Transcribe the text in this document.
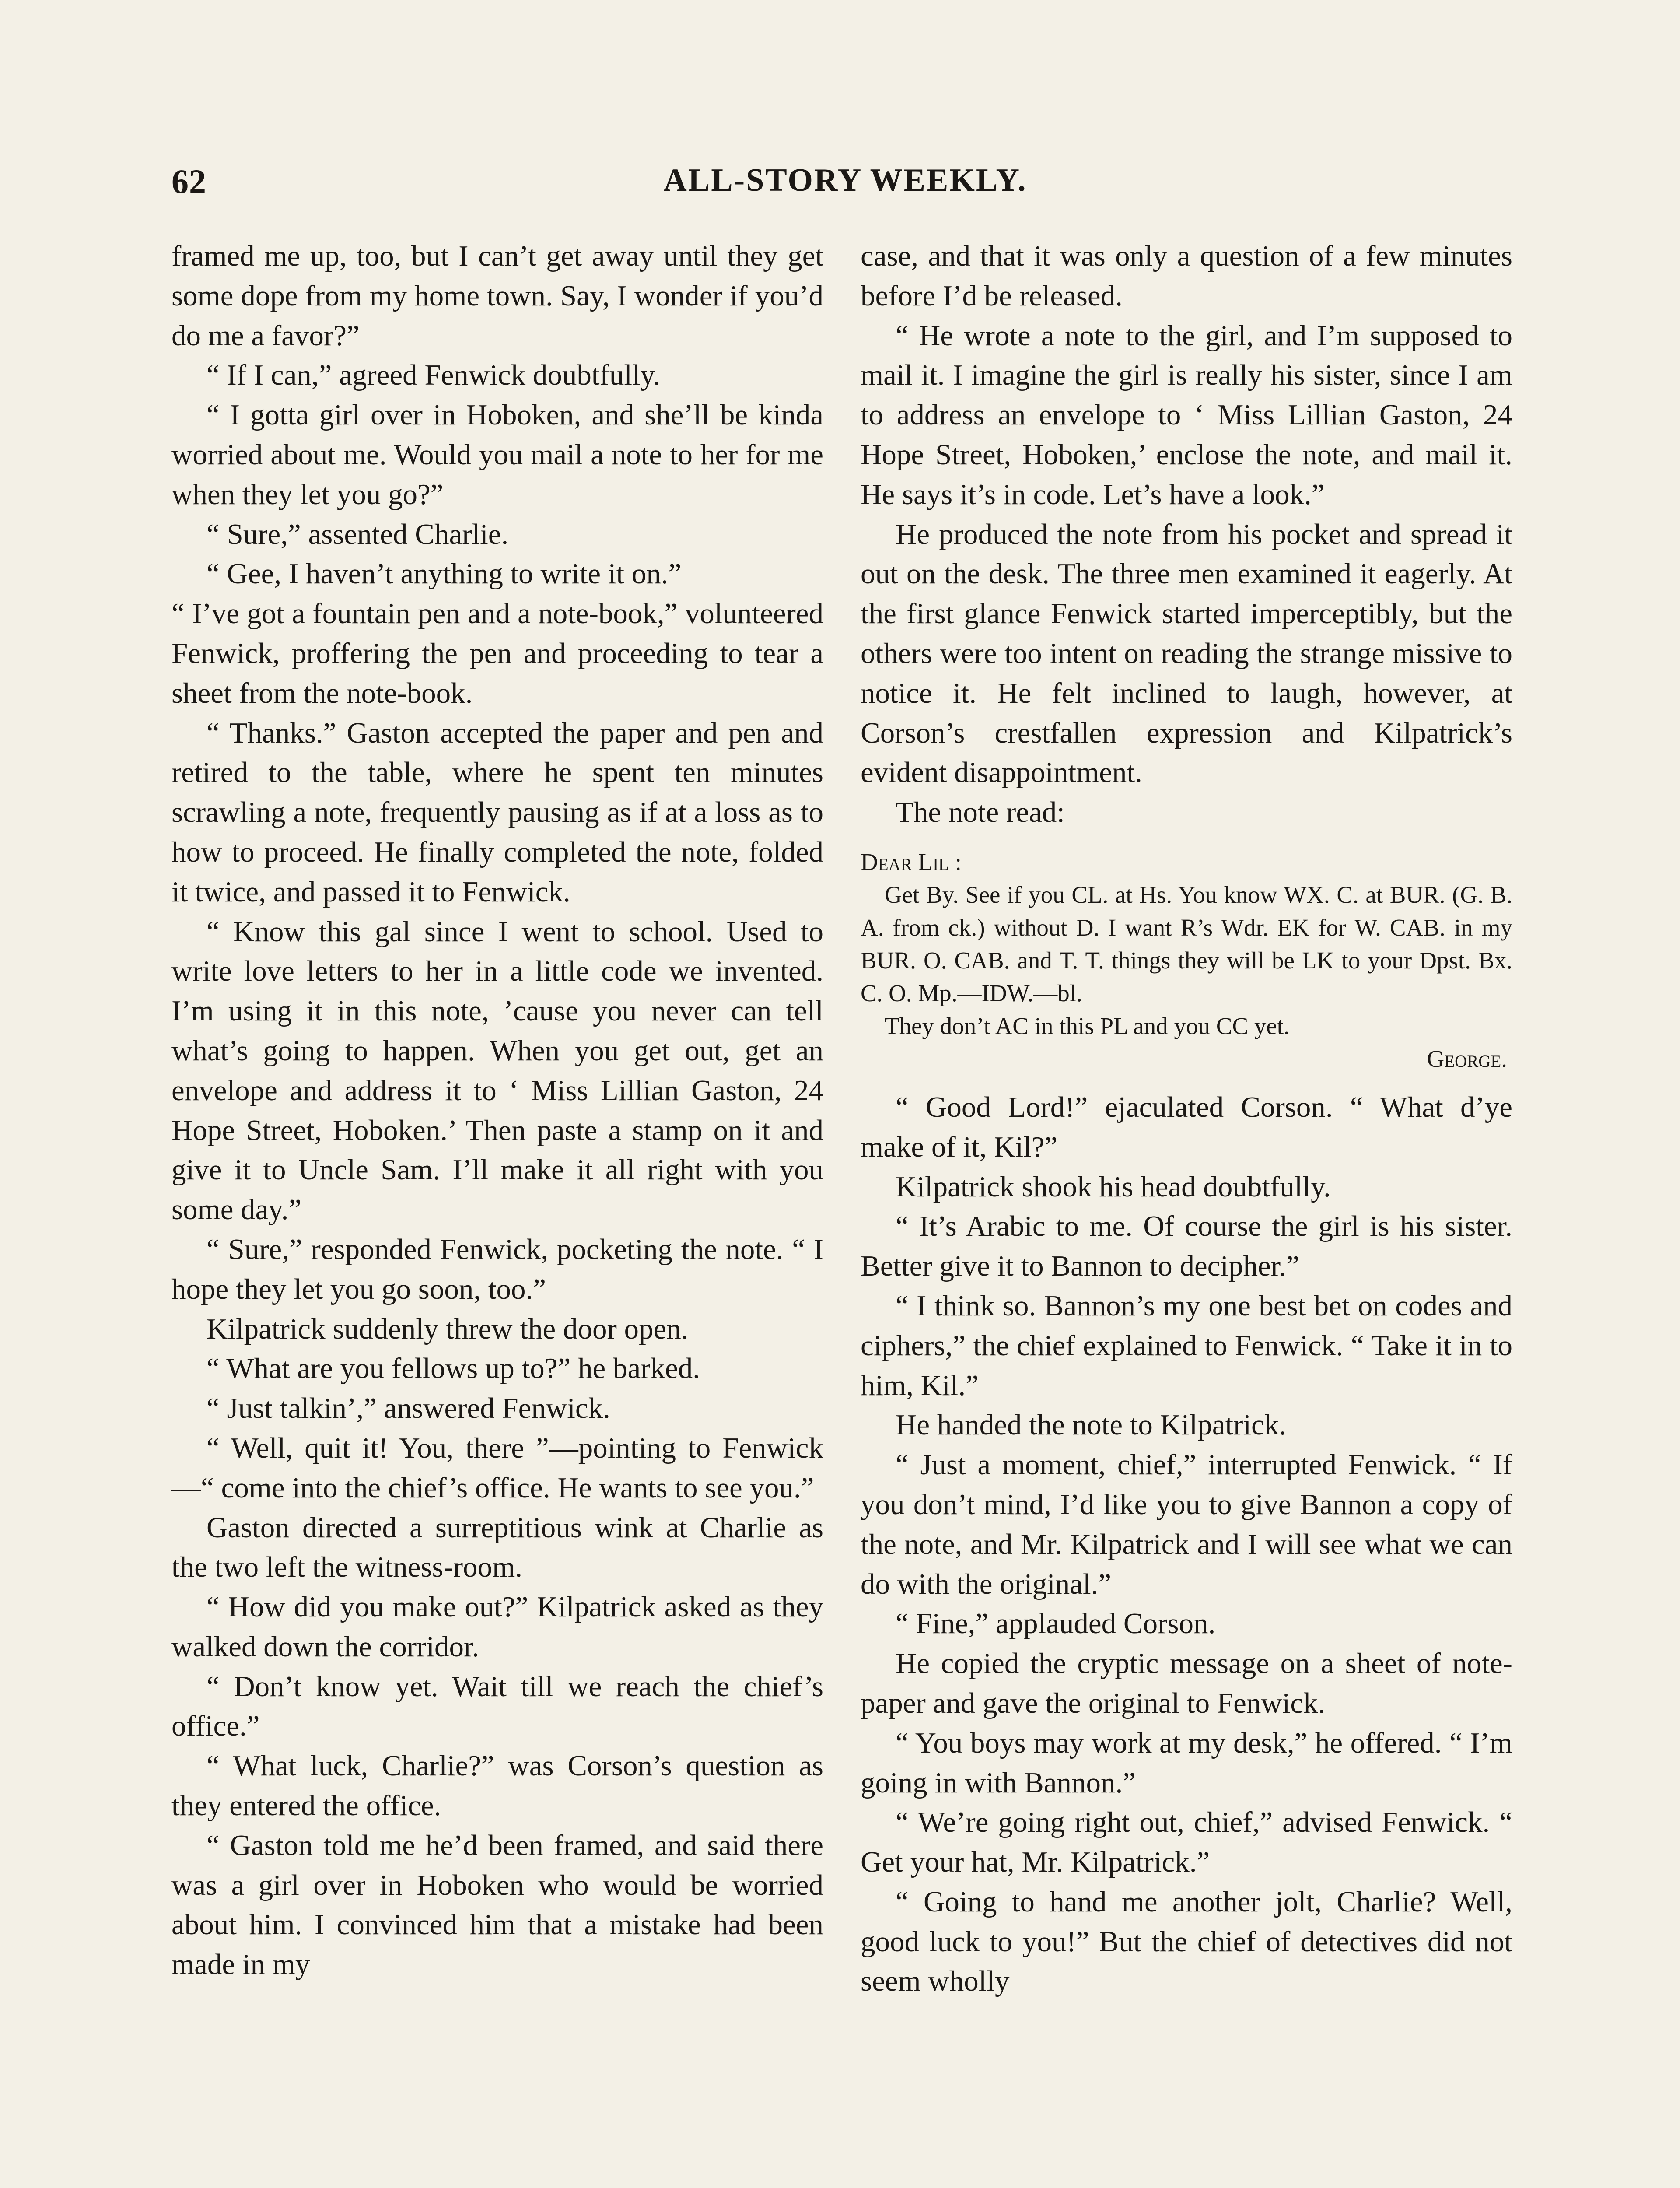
62	ALL-STORY WEEKLY.

framed me up, too, but I can’t get away until they get some dope from my home town. Say, I wonder if you’d do me a favor?”

“ If I can,” agreed Fenwick doubtfully.

“ I gotta girl over in Hoboken, and she’ll be kinda worried about me. Would you mail a note to her for me when they let you go?”

“ Sure,” assented Charlie.

“ Gee, I haven’t anything to write it on.”

“ I’ve got a fountain pen and a note-book,” volunteered Fenwick, proffering the pen and proceeding to tear a sheet from the note-book.

“ Thanks.” Gaston accepted the paper and pen and retired to the table, where he spent ten minutes scrawling a note, frequently pausing as if at a loss as to how to proceed. He finally completed the note, folded it twice, and passed it to Fenwick.

“ Know this gal since I went to school. Used to write love letters to her in a little code we invented. I’m using it in this note, ’cause you never can tell what’s going to happen. When you get out, get an envelope and address it to ‘ Miss Lillian Gaston, 24 Hope Street, Hoboken.’ Then paste a stamp on it and give it to Uncle Sam. I’ll make it all right with you some day.”

“ Sure,” responded Fenwick, pocketing the note. “ I hope they let you go soon, too.”

Kilpatrick suddenly threw the door open.

“ What are you fellows up to?” he barked.

“ Just talkin’,” answered Fenwick.

“ Well, quit it! You, there ”—pointing to Fenwick—“ come into the chief’s office. He wants to see you.”

Gaston directed a surreptitious wink at Charlie as the two left the witness-room.

“ How did you make out?” Kilpatrick asked as they walked down the corridor.

“ Don’t know yet. Wait till we reach the chief’s office.”

“ What luck, Charlie?” was Corson’s question as they entered the office.

“ Gaston told me he’d been framed, and said there was a girl over in Hoboken who would be worried about him. I convinced him that a mistake had been made in my

case, and that it was only a question of a few minutes before I’d be released.

“ He wrote a note to the girl, and I’m supposed to mail it. I imagine the girl is really his sister, since I am to address an envelope to ‘ Miss Lillian Gaston, 24 Hope Street, Hoboken,’ enclose the note, and mail it. He says it’s in code. Let’s have a look.”

He produced the note from his pocket and spread it out on the desk. The three men examined it eagerly. At the first glance Fenwick started imperceptibly, but the others were too intent on reading the strange missive to notice it. He felt inclined to laugh, however, at Corson’s crestfallen expression and Kilpatrick’s evident disappointment.

The note read:

Dear Lil :

Get By. See if you CL. at Hs. You know WX. C. at BUR. (G. B. A. from ck.) without D. I want R’s Wdr. EK for W. CAB. in my BUR. O. CAB. and T. T. things they will be LK to your Dpst. Bx. C. O. Mp.—IDW.—bl.

They don’t AC in this PL and you CC yet.

George.

“ Good Lord!” ejaculated Corson. “ What d’ye make of it, Kil?”

Kilpatrick shook his head doubtfully.

“ It’s Arabic to me. Of course the girl is his sister. Better give it to Bannon to decipher.”

“ I think so. Bannon’s my one best bet on codes and ciphers,” the chief explained to Fenwick. “ Take it in to him, Kil.”

He handed the note to Kilpatrick.

“ Just a moment, chief,” interrupted Fenwick. “ If you don’t mind, I’d like you to give Bannon a copy of the note, and Mr. Kilpatrick and I will see what we can do with the original.”

“ Fine,” applauded Corson.

He copied the cryptic message on a sheet of note-paper and gave the original to Fenwick.

“ You boys may work at my desk,” he offered. “ I’m going in with Bannon.”

“ We’re going right out, chief,” advised Fenwick. “ Get your hat, Mr. Kilpatrick.”

“ Going to hand me another jolt, Charlie? Well, good luck to you!” But the chief of detectives did not seem wholly
